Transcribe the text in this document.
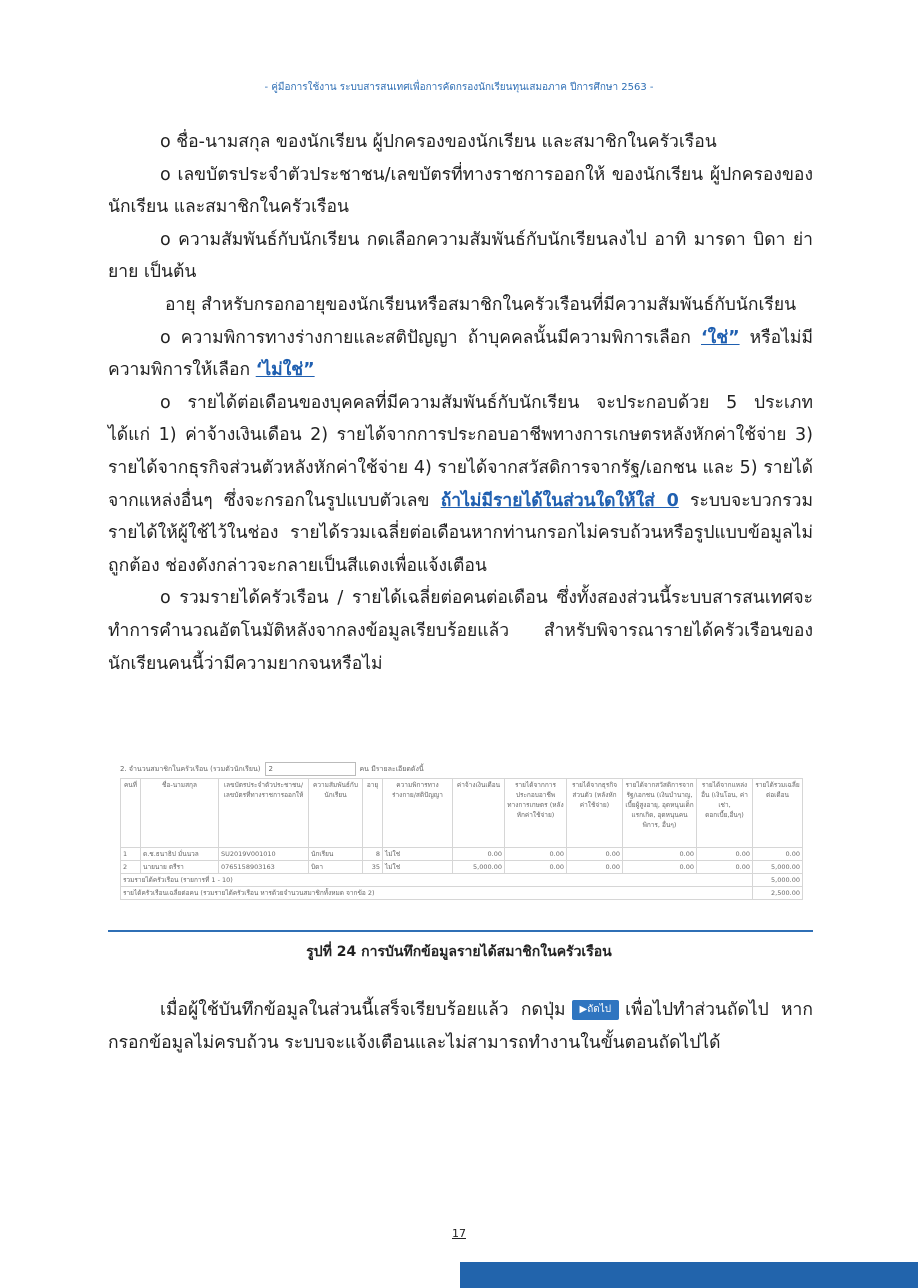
- คู่มือการใช้งาน ระบบสารสนเทศเพื่อการคัดกรองนักเรียนทุนเสมอภาค ปีการศึกษา 2563 -

o ชื่อ-นามสกุล ของนักเรียน ผู้ปกครองของนักเรียน และสมาชิกในครัวเรือน

o เลขบัตรประจำตัวประชาชน/เลขบัตรที่ทางราชการออกให้ ของนักเรียน ผู้ปกครองของนักเรียน และสมาชิกในครัวเรือน

o ความสัมพันธ์กับนักเรียน กดเลือกความสัมพันธ์กับนักเรียนลงไป อาทิ มารดา บิดา ย่า ยาย เป็นต้น

อายุ สำหรับกรอกอายุของนักเรียนหรือสมาชิกในครัวเรือนที่มีความสัมพันธ์กับนักเรียน

o ความพิการทางร่างกายและสติปัญญา ถ้าบุคคลนั้นมีความพิการเลือก ‘ใช่” หรือไม่มีความพิการให้เลือก ‘ไม่ใช่”

o รายได้ต่อเดือนของบุคคลที่มีความสัมพันธ์กับนักเรียน จะประกอบด้วย 5 ประเภท ได้แก่ 1) ค่าจ้างเงินเดือน 2) รายได้จากการประกอบอาชีพทางการเกษตรหลังหักค่าใช้จ่าย 3) รายได้จากธุรกิจส่วนตัวหลังหักค่าใช้จ่าย 4) รายได้จากสวัสดิการจากรัฐ/เอกชน และ 5) รายได้จากแหล่งอื่นๆ ซึ่งจะกรอกในรูปแบบตัวเลข ถ้าไม่มีรายได้ในส่วนใดให้ใส่ 0 ระบบจะบวกรวมรายได้ให้ผู้ใช้ไว้ในช่อง รายได้รวมเฉลี่ยต่อเดือนหากท่านกรอกไม่ครบถ้วนหรือรูปแบบข้อมูลไม่ถูกต้อง ช่องดังกล่าวจะกลายเป็นสีแดงเพื่อแจ้งเตือน

o รวมรายได้ครัวเรือน / รายได้เฉลี่ยต่อคนต่อเดือน ซึ่งทั้งสองส่วนนี้ระบบสารสนเทศจะทำการคำนวณอัตโนมัติหลังจากลงข้อมูลเรียบร้อยแล้ว สำหรับพิจารณารายได้ครัวเรือนของนักเรียนคนนี้ว่ามีความยากจนหรือไม่

2. จำนวนสมาชิกในครัวเรือน (รวมตัวนักเรียน)	2	คน มีรายละเอียดดังนี้
คนที่	ชื่อ-นามสกุล	เลขบัตรประจำตัวประชาชน/เลขบัตรที่ทางราชการออกให้	ความสัมพันธ์กับนักเรียน	อายุ	ความพิการทางร่างกาย/สติปัญญา	ค่าจ้างเงินเดือน	รายได้จากการประกอบอาชีพทางการเกษตร (หลังหักค่าใช้จ่าย)	รายได้จากธุรกิจส่วนตัว (หลังหักค่าใช้จ่าย)	รายได้จากสวัสดิการจากรัฐ/เอกชน (เงินบำนาญ, เบี้ยผู้สูงอายุ, อุดหนุนเด็กแรกเกิด, อุดหนุนคนพิการ, อื่นๆ)	รายได้จากแหล่งอื่น (เงินโอน, ค่าเช่า, ดอกเบี้ย,อื่นๆ)	รายได้รวมเฉลี่ยต่อเดือน
1	ด.ช.ธนาธิป มั่นนวล	SU2019V001010	นักเรียน	8	ไม่ใช่	0.00	0.00	0.00	0.00	0.00	0.00
2	นายนาย ตรีรา	0765158903163	บิดา	35	ไม่ใช่	5,000.00	0.00	0.00	0.00	0.00	5,000.00
รวมรายได้ครัวเรือน (รายการที่ 1 - 10)											5,000.00
รายได้ครัวเรือนเฉลี่ยต่อคน (รวมรายได้ครัวเรือน หารด้วยจำนวนสมาชิกทั้งหมด จากข้อ 2)											2,500.00
รูปที่ 24 การบันทึกข้อมูลรายได้สมาชิกในครัวเรือน

เมื่อผู้ใช้บันทึกข้อมูลในส่วนนี้เสร็จเรียบร้อยแล้ว กดปุ่ม ▶ถัดไป เพื่อไปทำส่วนถัดไป หากกรอกข้อมูลไม่ครบถ้วน ระบบจะแจ้งเตือนและไม่สามารถทำงานในขั้นตอนถัดไปได้

17
